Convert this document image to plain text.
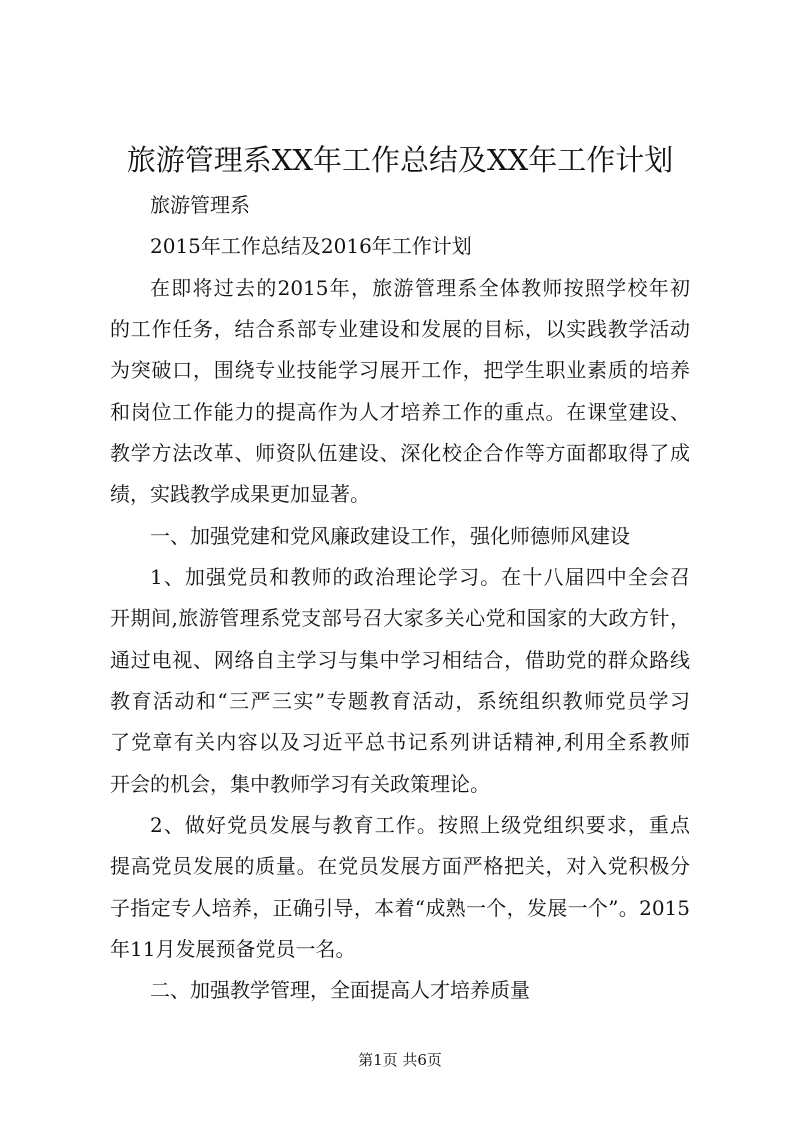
旅游管理系XX年工作总结及XX年工作计划
旅游管理系
2015年工作总结及2016年工作计划
在即将过去的2015年，旅游管理系全体教师按照学校年初
的工作任务，结合系部专业建设和发展的目标，以实践教学活动
为突破口，围绕专业技能学习展开工作，把学生职业素质的培养
和岗位工作能力的提高作为人才培养工作的重点。在课堂建设、
教学方法改革、师资队伍建设、深化校企合作等方面都取得了成
绩，实践教学成果更加显著。
一、加强党建和党风廉政建设工作，强化师德师风建设
1、加强党员和教师的政治理论学习。在十八届四中全会召
开期间,旅游管理系党支部号召大家多关心党和国家的大政方针，
通过电视、网络自主学习与集中学习相结合，借助党的群众路线
教育活动和“三严三实”专题教育活动，系统组织教师党员学习
了党章有关内容以及习近平总书记系列讲话精神,利用全系教师
开会的机会，集中教师学习有关政策理论。
2、做好党员发展与教育工作。按照上级党组织要求，重点
提高党员发展的质量。在党员发展方面严格把关，对入党积极分
子指定专人培养，正确引导，本着“成熟一个，发展一个”。2015
年11月发展预备党员一名。
二、加强教学管理，全面提高人才培养质量
第1页 共6页
